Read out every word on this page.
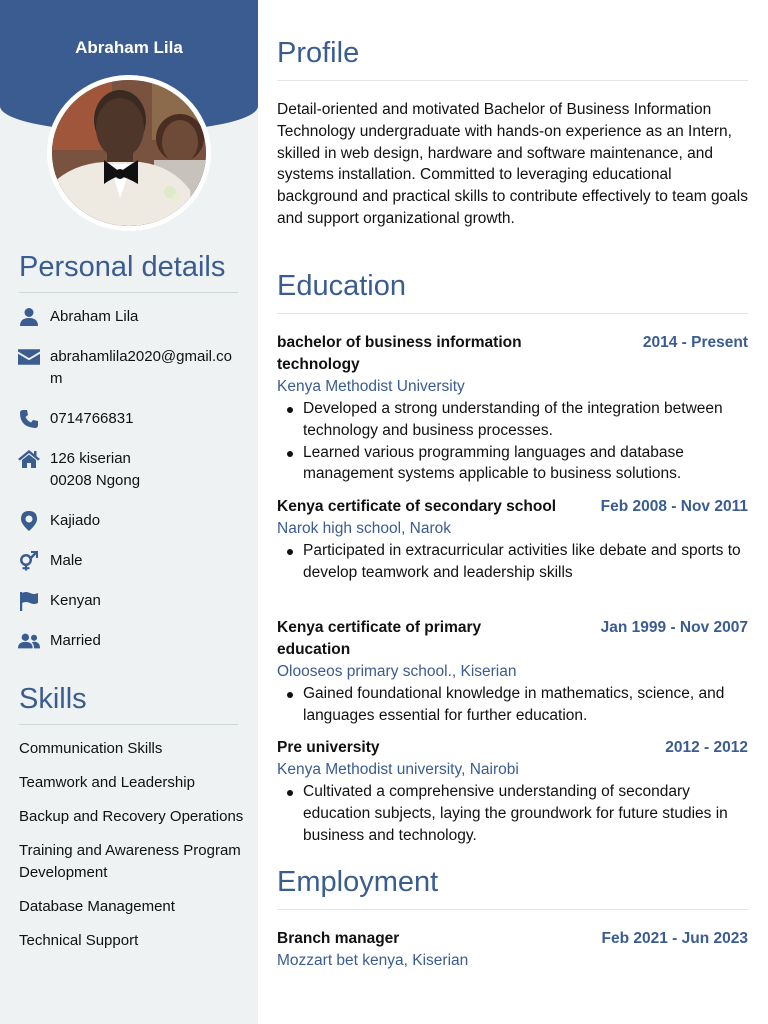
Abraham Lila
Personal details
Abraham Lila
abrahamlila2020@gmail.com
0714766831
126 kiserian
00208 Ngong
Kajiado
Male
Kenyan
Married
Skills
Communication Skills
Teamwork and Leadership
Backup and Recovery Operations
Training and Awareness Program Development
Database Management
Technical Support
Profile

Detail-oriented and motivated Bachelor of Business Information Technology undergraduate with hands-on experience as an Intern, skilled in web design, hardware and software maintenance, and systems installation. Committed to leveraging educational background and practical skills to contribute effectively to team goals and support organizational growth.

Education
bachelor of business information technology
2014 - Present
Kenya Methodist University
Developed a strong understanding of the integration between technology and business processes.
Learned various programming languages and database management systems applicable to business solutions.
Kenya certificate of secondary school	Feb 2008 - Nov 2011
Narok high school, Narok
Participated in extracurricular activities like debate and sports to develop teamwork and leadership skills
Kenya certificate of primary education
Jan 1999 - Nov 2007
Olooseos primary school., Kiserian
Gained foundational knowledge in mathematics, science, and languages essential for further education.
Pre university	2012 - 2012
Kenya Methodist university, Nairobi
Cultivated a comprehensive understanding of secondary education subjects, laying the groundwork for future studies in business and technology.
Employment
Branch manager	Feb 2021 - Jun 2023
Mozzart bet kenya, Kiserian
